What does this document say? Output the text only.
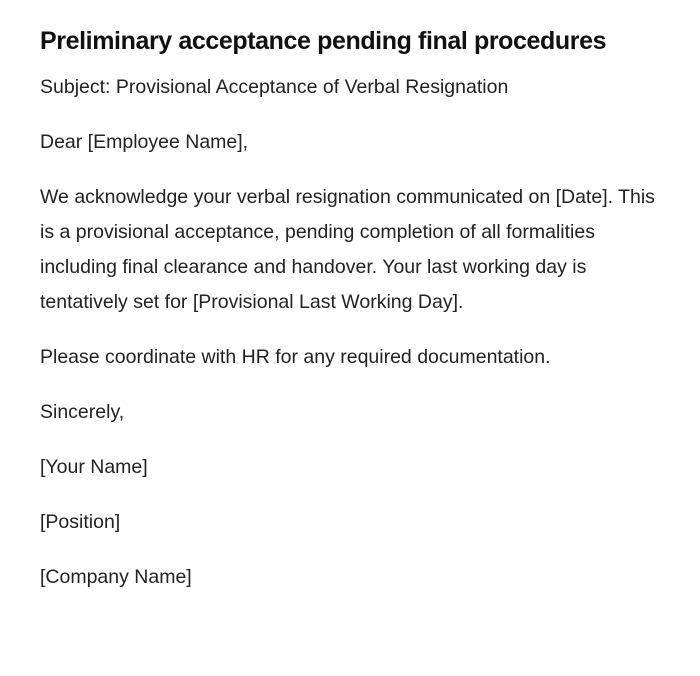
Preliminary acceptance pending final procedures

Subject: Provisional Acceptance of Verbal Resignation

Dear [Employee Name],

We acknowledge your verbal resignation communicated on [Date]. This is a provisional acceptance, pending completion of all formalities including final clearance and handover. Your last working day is tentatively set for [Provisional Last Working Day].

Please coordinate with HR for any required documentation.

Sincerely,

[Your Name]

[Position]

[Company Name]
